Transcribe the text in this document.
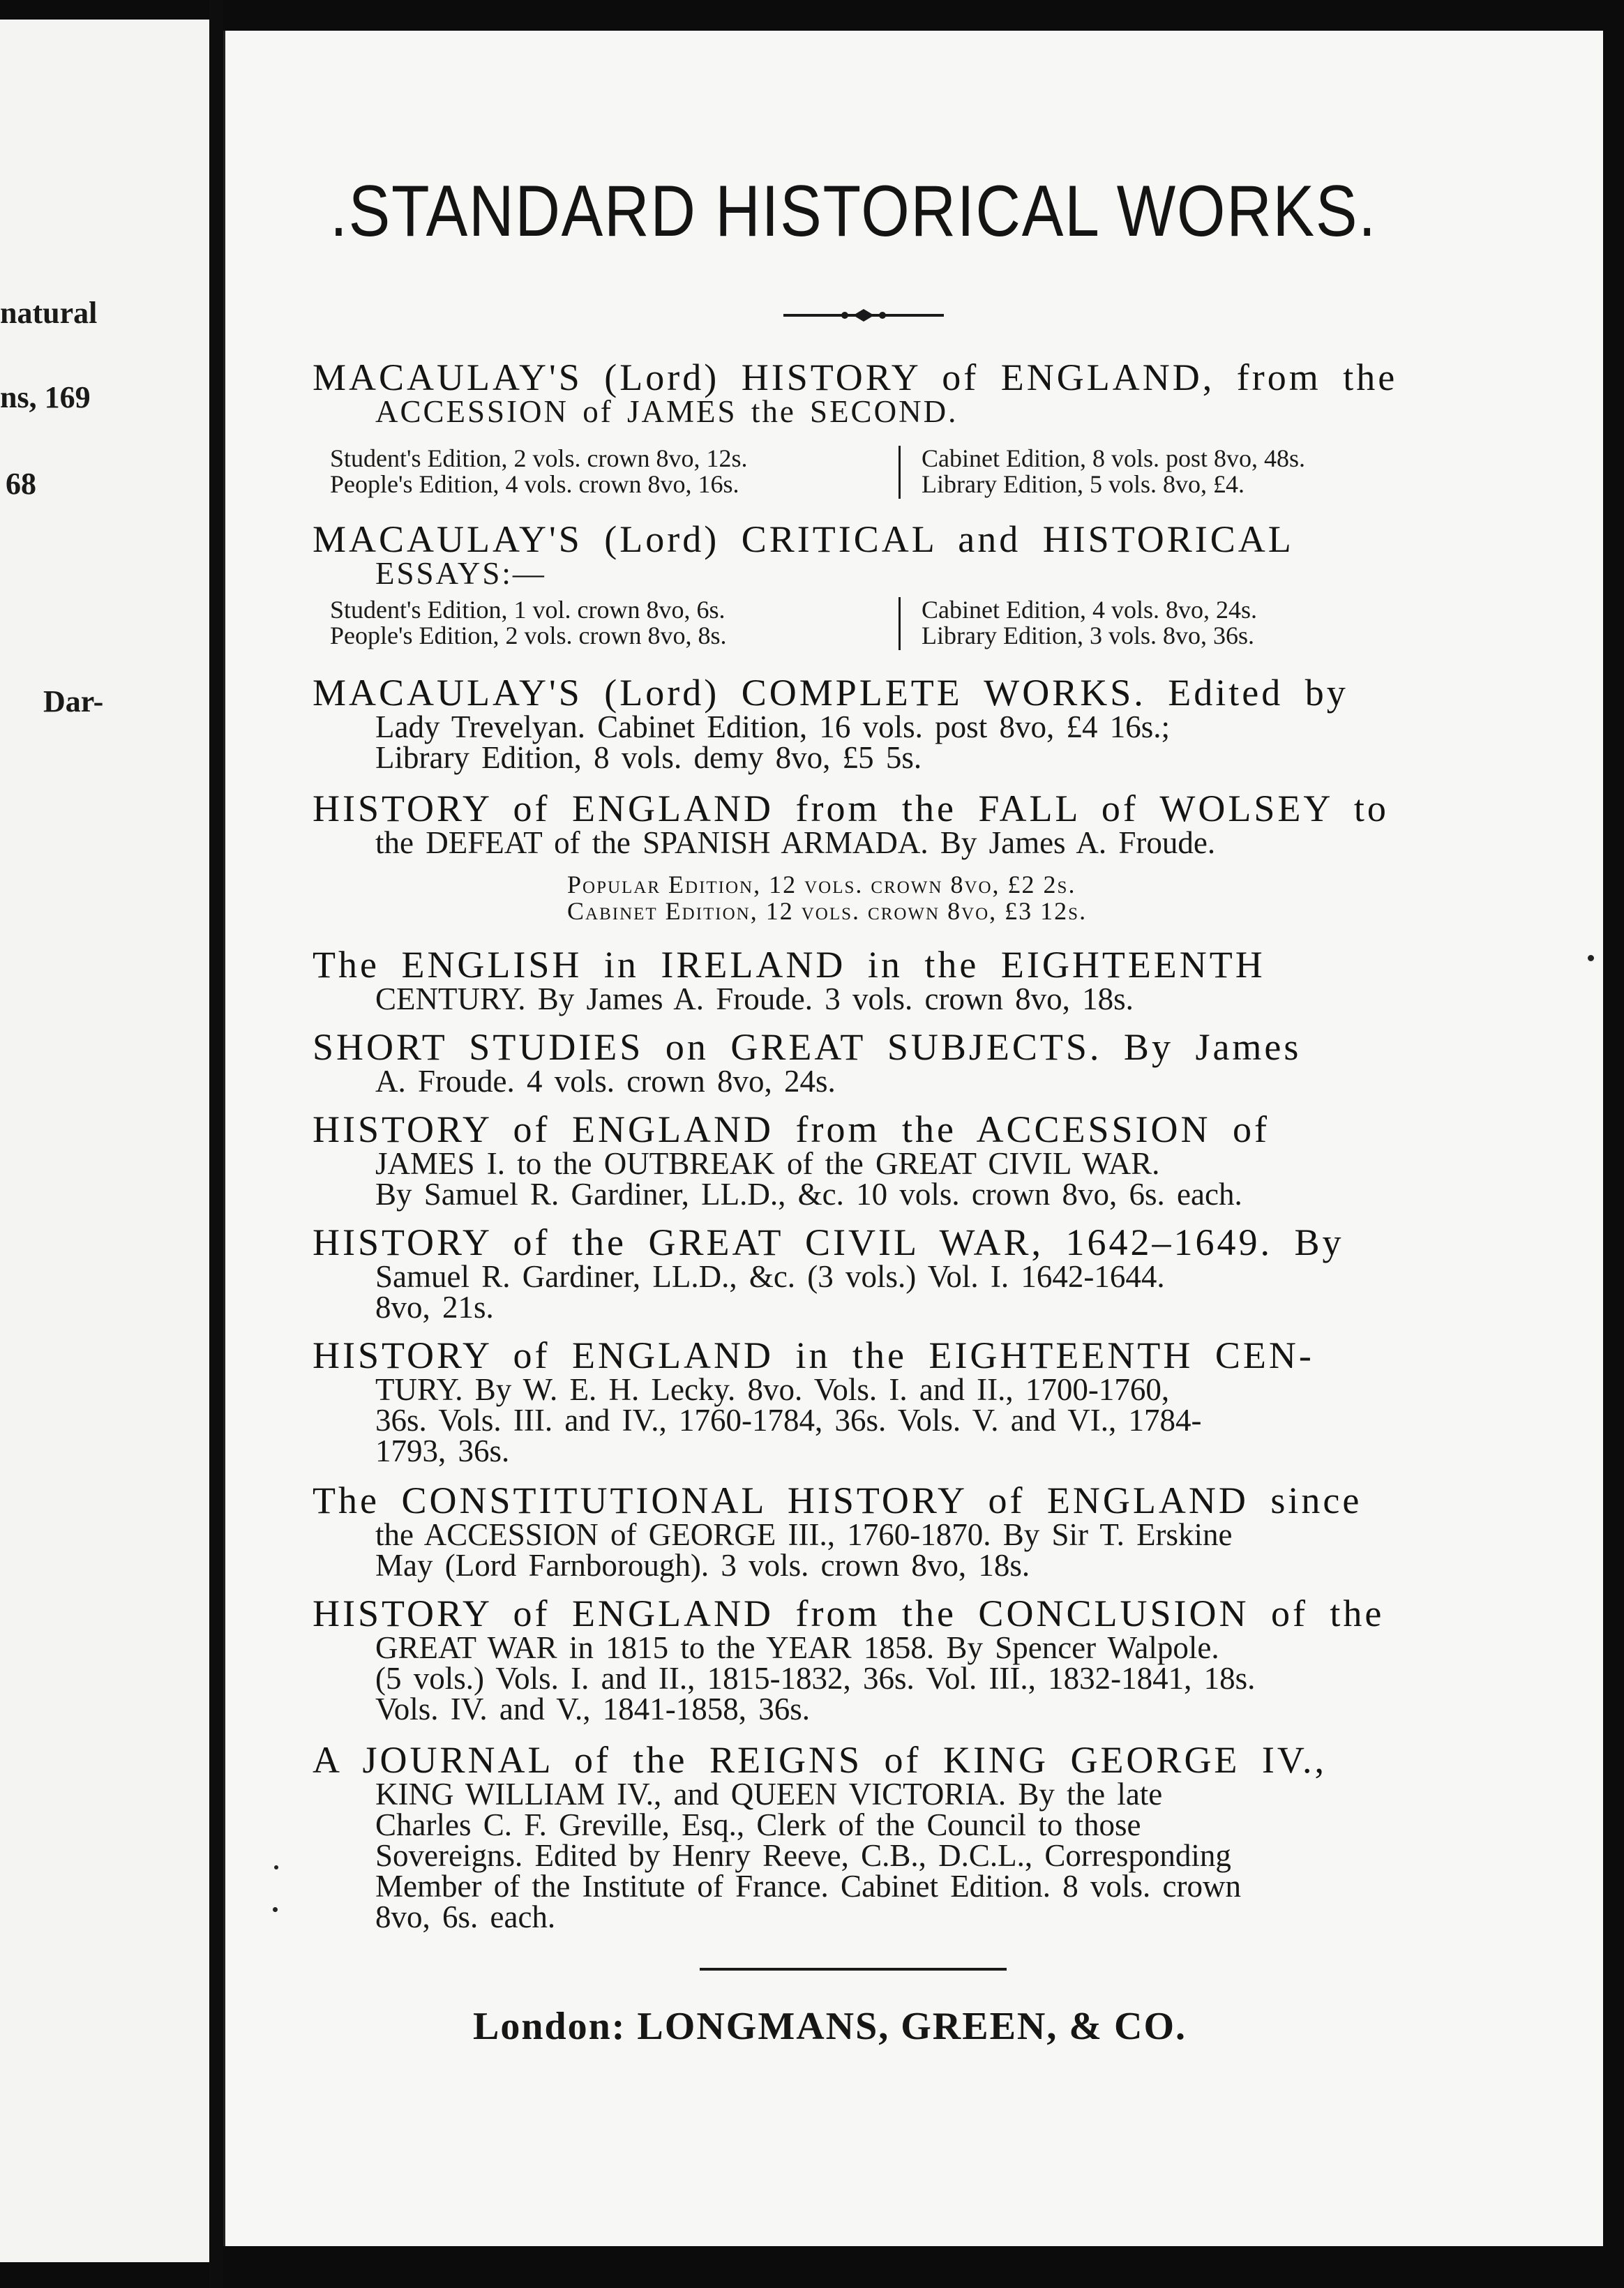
natural
ns, 169
68
Dar-
.STANDARD HISTORICAL WORKS.
MACAULAY'S (Lord) HISTORY of ENGLAND, from the
ACCESSION of JAMES the SECOND.
Student's Edition, 2 vols. crown 8vo, 12s.
People's Edition, 4 vols. crown 8vo, 16s.
Cabinet Edition, 8 vols. post 8vo, 48s.
Library Edition, 5 vols. 8vo, £4.
MACAULAY'S (Lord) CRITICAL and HISTORICAL
ESSAYS:—
Student's Edition, 1 vol. crown 8vo, 6s.
People's Edition, 2 vols. crown 8vo, 8s.
Cabinet Edition, 4 vols. 8vo, 24s.
Library Edition, 3 vols. 8vo, 36s.
MACAULAY'S (Lord) COMPLETE WORKS. Edited by
Lady Trevelyan. Cabinet Edition, 16 vols. post 8vo, £4 16s.;
Library Edition, 8 vols. demy 8vo, £5 5s.
HISTORY of ENGLAND from the FALL of WOLSEY to
the DEFEAT of the SPANISH ARMADA. By James A. Froude.
Popular Edition, 12 vols. crown 8vo, £2 2s.
Cabinet Edition, 12 vols. crown 8vo, £3 12s.
The ENGLISH in IRELAND in the EIGHTEENTH
CENTURY. By James A. Froude. 3 vols. crown 8vo, 18s.
SHORT STUDIES on GREAT SUBJECTS. By James
A. Froude. 4 vols. crown 8vo, 24s.
HISTORY of ENGLAND from the ACCESSION of
JAMES I. to the OUTBREAK of the GREAT CIVIL WAR.
By Samuel R. Gardiner, LL.D., &c. 10 vols. crown 8vo, 6s. each.
HISTORY of the GREAT CIVIL WAR, 1642–1649. By
Samuel R. Gardiner, LL.D., &c. (3 vols.) Vol. I. 1642-1644.
8vo, 21s.
HISTORY of ENGLAND in the EIGHTEENTH CEN-
TURY. By W. E. H. Lecky. 8vo. Vols. I. and II., 1700-1760,
36s. Vols. III. and IV., 1760-1784, 36s. Vols. V. and VI., 1784-
1793, 36s.
The CONSTITUTIONAL HISTORY of ENGLAND since
the ACCESSION of GEORGE III., 1760-1870. By Sir T. Erskine
May (Lord Farnborough). 3 vols. crown 8vo, 18s.
HISTORY of ENGLAND from the CONCLUSION of the
GREAT WAR in 1815 to the YEAR 1858. By Spencer Walpole.
(5 vols.) Vols. I. and II., 1815-1832, 36s. Vol. III., 1832-1841, 18s.
Vols. IV. and V., 1841-1858, 36s.
A JOURNAL of the REIGNS of KING GEORGE IV.,
KING WILLIAM IV., and QUEEN VICTORIA. By the late
Charles C. F. Greville, Esq., Clerk of the Council to those
Sovereigns. Edited by Henry Reeve, C.B., D.C.L., Corresponding
Member of the Institute of France. Cabinet Edition. 8 vols. crown
8vo, 6s. each.
London: LONGMANS, GREEN, & CO.
